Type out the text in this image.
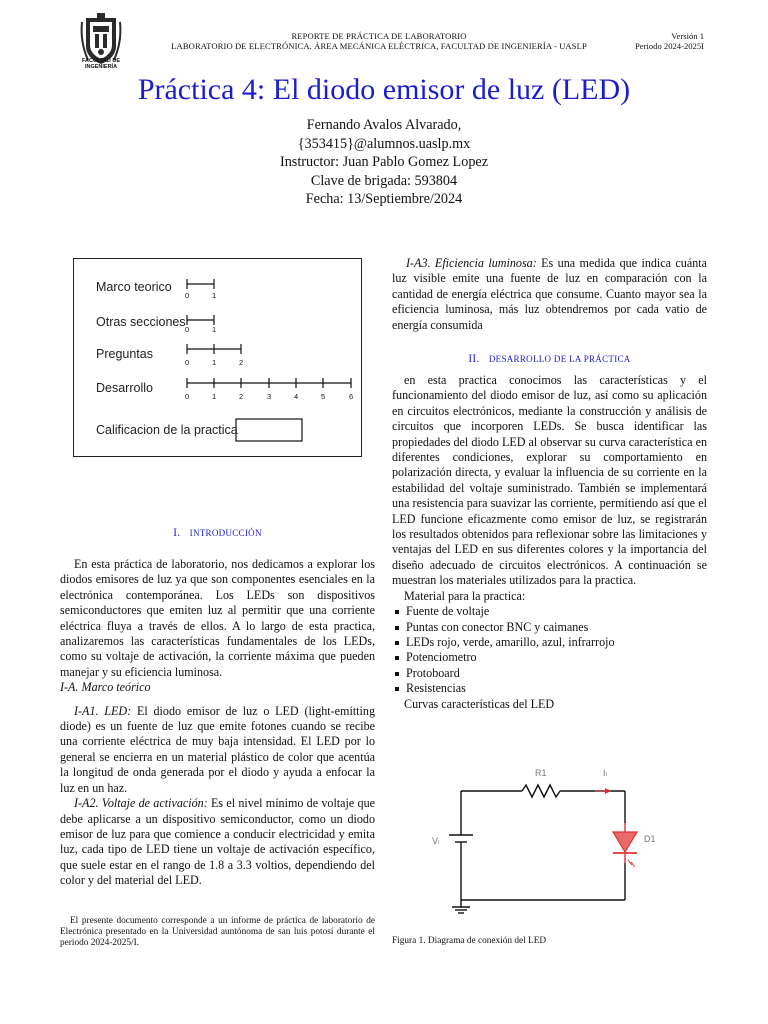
FACULTAD DE
INGENIERÍA
REPORTE DE PRÁCTICA DE LABORATORIO
LABORATORIO DE ELECTRÓNICA. ÁREA MECÁNICA ELÉCTRICA, FACULTAD DE INGENIERÍA - UASLP
Versión 1
Periodo 2024-2025I
Práctica 4: El diodo emisor de luz (LED)
Fernando Avalos Alvarado,
{353415}@alumnos.uaslp.mx
Instructor: Juan Pablo Gomez Lopez
Clave de brigada: 593804
Fecha: 13/Septiembre/2024
Marco teorico
Otras secciones
Preguntas
Desarrollo
Calificacion de la practica
0	1
0	1
0	1	2
0	1	2	3	4	5	6
I. INTRODUCCIÓN

En esta práctica de laboratorio, nos dedicamos a explorar los diodos emisores de luz ya que son componentes esenciales en la electrónica contemporánea. Los LEDs son dispositivos semiconductores que emiten luz al permitir que una corriente eléctrica fluya a través de ellos. A lo largo de esta practica, analizaremos las características fundamentales de los LEDs, como su voltaje de activación, la corriente máxima que pueden manejar y su eficiencia luminosa.

I-A. Marco teórico

I-A1. LED: El diodo emisor de luz o LED (light-emitting diode) es un fuente de luz que emite fotones cuando se recibe una corriente eléctrica de muy baja intensidad. El LED por lo general se encierra en un material plástico de color que acentúa la longitud de onda generada por el diodo y ayuda a enfocar la luz en un haz.

I-A2. Voltaje de activación: Es el nivel mínimo de voltaje que debe aplicarse a un dispositivo semiconductor, como un diodo emisor de luz para que comience a conducir electricidad y emita luz, cada tipo de LED tiene un voltaje de activación específico, que suele estar en el rango de 1.8 a 3.3 voltios, dependiendo del color y del material del LED.

El presente documento corresponde a un informe de práctica de laboratorio de Electrónica presentado en la Universidad auntónoma de san luis potosí durante el periodo 2024-2025/I.
I-A3. Eficiencia luminosa: Es una medida que indica cuánta luz visible emite una fuente de luz en comparación con la cantidad de energía eléctrica que consume. Cuanto mayor sea la eficiencia luminosa, más luz obtendremos por cada vatio de energía consumida
II. DESARROLLO DE LA PRÁCTICA

en esta practica conocimos las características y el funcionamiento del diodo emisor de luz, así como su aplicación en circuitos electrónicos, mediante la construcción y análisis de circuitos que incorporen LEDs. Se busca identificar las propiedades del diodo LED al observar su curva característica en diferentes condiciones, explorar su comportamiento en polarización directa, y evaluar la influencia de su corriente en la estabilidad del voltaje suministrado. También se implementará una resistencia para suavizar las corriente, permitiendo así que el LED funcione eficazmente como emisor de luz, se registrarán los resultados obtenidos para reflexionar sobre las limitaciones y ventajas del LED en sus diferentes colores y la importancia del diseño adecuado de circuitos electrónicos. A continuación se muestran los materiales utilizados para la practica.

Material para la practica:

Fuente de voltaje
Puntas con conector BNC y caimanes
LEDs rojo, verde, amarillo, azul, infrarrojo
Potenciometro
Protoboard
Resistencias

Curvas características del LED

R1	Iₗ
Vₗ	D1
Figura 1. Diagrama de conexión del LED
